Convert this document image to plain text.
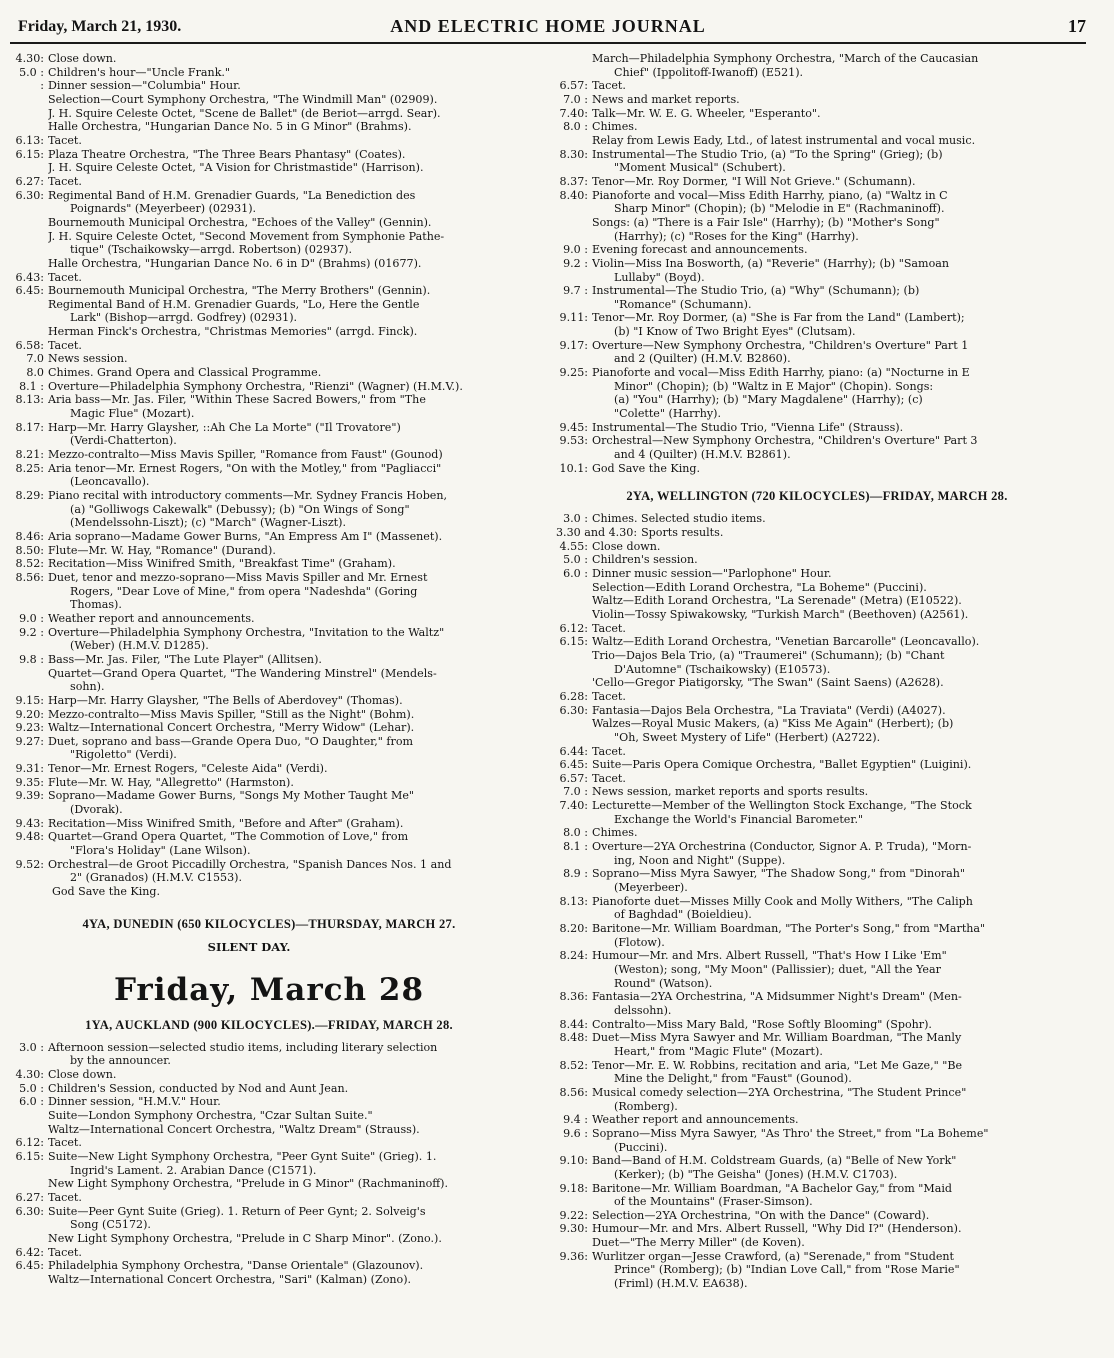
Friday, March 21, 1930.	AND ELECTRIC HOME JOURNAL	17
4.30: Close down.
5.0 : Children's hour—"Uncle Frank."
: Dinner session—"Columbia" Hour.
Selection—Court Symphony Orchestra, "The Windmill Man" (02909).
J. H. Squire Celeste Octet, "Scene de Ballet" (de Beriot—arrgd. Sear).
Halle Orchestra, "Hungarian Dance No. 5 in G Minor" (Brahms).
6.13: Tacet.
6.15: Plaza Theatre Orchestra, "The Three Bears Phantasy" (Coates).
J. H. Squire Celeste Octet, "A Vision for Christmastide" (Harrison).
6.27: Tacet.
6.30: Regimental Band of H.M. Grenadier Guards, "La Benediction des
Poignards" (Meyerbeer) (02931).
Bournemouth Municipal Orchestra, "Echoes of the Valley" (Gennin).
J. H. Squire Celeste Octet, "Second Movement from Symphonie Pathe-
tique" (Tschaikowsky—arrgd. Robertson) (02937).
Halle Orchestra, "Hungarian Dance No. 6 in D" (Brahms) (01677).
6.43: Tacet.
6.45: Bournemouth Municipal Orchestra, "The Merry Brothers" (Gennin).
Regimental Band of H.M. Grenadier Guards, "Lo, Here the Gentle
Lark" (Bishop—arrgd. Godfrey) (02931).
Herman Finck's Orchestra, "Christmas Memories" (arrgd. Finck).
6.58: Tacet.
7.0 News session.
8.0 Chimes. Grand Opera and Classical Programme.
8.1 : Overture—Philadelphia Symphony Orchestra, "Rienzi" (Wagner) (H.M.V.).
8.13: Aria bass—Mr. Jas. Filer, "Within These Sacred Bowers," from "The
Magic Flue" (Mozart).
8.17: Harp—Mr. Harry Glaysher, ::Ah Che La Morte" ("Il Trovatore")
(Verdi-Chatterton).
8.21: Mezzo-contralto—Miss Mavis Spiller, "Romance from Faust" (Gounod)
8.25: Aria tenor—Mr. Ernest Rogers, "On with the Motley," from "Pagliacci"
(Leoncavallo).
8.29: Piano recital with introductory comments—Mr. Sydney Francis Hoben,
(a) "Golliwogs Cakewalk" (Debussy); (b) "On Wings of Song"
(Mendelssohn-Liszt); (c) "March" (Wagner-Liszt).
8.46: Aria soprano—Madame Gower Burns, "An Empress Am I" (Massenet).
8.50: Flute—Mr. W. Hay, "Romance" (Durand).
8.52: Recitation—Miss Winifred Smith, "Breakfast Time" (Graham).
8.56: Duet, tenor and mezzo-soprano—Miss Mavis Spiller and Mr. Ernest
Rogers, "Dear Love of Mine," from opera "Nadeshda" (Goring
Thomas).
9.0 : Weather report and announcements.
9.2 : Overture—Philadelphia Symphony Orchestra, "Invitation to the Waltz"
(Weber) (H.M.V. D1285).
9.8 : Bass—Mr. Jas. Filer, "The Lute Player" (Allitsen).
Quartet—Grand Opera Quartet, "The Wandering Minstrel" (Mendels-
sohn).
9.15: Harp—Mr. Harry Glaysher, "The Bells of Aberdovey" (Thomas).
9.20: Mezzo-contralto—Miss Mavis Spiller, "Still as the Night" (Bohm).
9.23: Waltz—International Concert Orchestra, "Merry Widow" (Lehar).
9.27: Duet, soprano and bass—Grande Opera Duo, "O Daughter," from
"Rigoletto" (Verdi).
9.31: Tenor—Mr. Ernest Rogers, "Celeste Aida" (Verdi).
9.35: Flute—Mr. W. Hay, "Allegretto" (Harmston).
9.39: Soprano—Madame Gower Burns, "Songs My Mother Taught Me"
(Dvorak).
9.43: Recitation—Miss Winifred Smith, "Before and After" (Graham).
9.48: Quartet—Grand Opera Quartet, "The Commotion of Love," from
"Flora's Holiday" (Lane Wilson).
9.52: Orchestral—de Groot Piccadilly Orchestra, "Spanish Dances Nos. 1 and
2" (Granados) (H.M.V. C1553).
God Save the King.
4YA, DUNEDIN (650 KILOCYCLES)—THURSDAY, MARCH 27.
SILENT DAY.
Friday, March 28
1YA, AUCKLAND (900 KILOCYCLES).—FRIDAY, MARCH 28.
3.0 : Afternoon session—selected studio items, including literary selection
by the announcer.
4.30: Close down.
5.0 : Children's Session, conducted by Nod and Aunt Jean.
6.0 : Dinner session, "H.M.V." Hour.
Suite—London Symphony Orchestra, "Czar Sultan Suite."
Waltz—International Concert Orchestra, "Waltz Dream" (Strauss).
6.12: Tacet.
6.15: Suite—New Light Symphony Orchestra, "Peer Gynt Suite" (Grieg). 1.
Ingrid's Lament. 2. Arabian Dance (C1571).
New Light Symphony Orchestra, "Prelude in G Minor" (Rachmaninoff).
6.27: Tacet.
6.30: Suite—Peer Gynt Suite (Grieg). 1. Return of Peer Gynt; 2. Solveig's
Song (C5172).
New Light Symphony Orchestra, "Prelude in C Sharp Minor". (Zono.).
6.42: Tacet.
6.45: Philadelphia Symphony Orchestra, "Danse Orientale" (Glazounov).
Waltz—International Concert Orchestra, "Sari" (Kalman) (Zono).
March—Philadelphia Symphony Orchestra, "March of the Caucasian
Chief" (Ippolitoff-Iwanoff) (E521).
6.57: Tacet.
7.0 : News and market reports.
7.40: Talk—Mr. W. E. G. Wheeler, "Esperanto".
8.0 : Chimes.
Relay from Lewis Eady, Ltd., of latest instrumental and vocal music.
8.30: Instrumental—The Studio Trio, (a) "To the Spring" (Grieg); (b)
"Moment Musical" (Schubert).
8.37: Tenor—Mr. Roy Dormer, "I Will Not Grieve." (Schumann).
8.40: Pianoforte and vocal—Miss Edith Harrhy, piano, (a) "Waltz in C
Sharp Minor" (Chopin); (b) "Melodie in E" (Rachmaninoff).
Songs: (a) "There is a Fair Isle" (Harrhy); (b) "Mother's Song"
(Harrhy); (c) "Roses for the King" (Harrhy).
9.0 : Evening forecast and announcements.
9.2 : Violin—Miss Ina Bosworth, (a) "Reverie" (Harrhy); (b) "Samoan
Lullaby" (Boyd).
9.7 : Instrumental—The Studio Trio, (a) "Why" (Schumann); (b)
"Romance" (Schumann).
9.11: Tenor—Mr. Roy Dormer, (a) "She is Far from the Land" (Lambert);
(b) "I Know of Two Bright Eyes" (Clutsam).
9.17: Overture—New Symphony Orchestra, "Children's Overture" Part 1
and 2 (Quilter) (H.M.V. B2860).
9.25: Pianoforte and vocal—Miss Edith Harrhy, piano: (a) "Nocturne in E
Minor" (Chopin); (b) "Waltz in E Major" (Chopin). Songs:
(a) "You" (Harrhy); (b) "Mary Magdalene" (Harrhy); (c)
"Colette" (Harrhy).
9.45: Instrumental—The Studio Trio, "Vienna Life" (Strauss).
9.53: Orchestral—New Symphony Orchestra, "Children's Overture" Part 3
and 4 (Quilter) (H.M.V. B2861).
10.1: God Save the King.
2YA, WELLINGTON (720 KILOCYCLES)—FRIDAY, MARCH 28.
3.0 : Chimes. Selected studio items.
3.30 and 4.30: Sports results.
4.55: Close down.
5.0 : Children's session.
6.0 : Dinner music session—"Parlophone" Hour.
Selection—Edith Lorand Orchestra, "La Boheme" (Puccini).
Waltz—Edith Lorand Orchestra, "La Serenade" (Metra) (E10522).
Violin—Tossy Spiwakowsky, "Turkish March" (Beethoven) (A2561).
6.12: Tacet.
6.15: Waltz—Edith Lorand Orchestra, "Venetian Barcarolle" (Leoncavallo).
Trio—Dajos Bela Trio, (a) "Traumerei" (Schumann); (b) "Chant
D'Automne" (Tschaikowsky) (E10573).
'Cello—Gregor Piatigorsky, "The Swan" (Saint Saens) (A2628).
6.28: Tacet.
6.30: Fantasia—Dajos Bela Orchestra, "La Traviata" (Verdi) (A4027).
Walzes—Royal Music Makers, (a) "Kiss Me Again" (Herbert); (b)
"Oh, Sweet Mystery of Life" (Herbert) (A2722).
6.44: Tacet.
6.45: Suite—Paris Opera Comique Orchestra, "Ballet Egyptien" (Luigini).
6.57: Tacet.
7.0 : News session, market reports and sports results.
7.40: Lecturette—Member of the Wellington Stock Exchange, "The Stock
Exchange the World's Financial Barometer."
8.0 : Chimes.
8.1 : Overture—2YA Orchestrina (Conductor, Signor A. P. Truda), "Morn-
ing, Noon and Night" (Suppe).
8.9 : Soprano—Miss Myra Sawyer, "The Shadow Song," from "Dinorah"
(Meyerbeer).
8.13: Pianoforte duet—Misses Milly Cook and Molly Withers, "The Caliph
of Baghdad" (Boieldieu).
8.20: Baritone—Mr. William Boardman, "The Porter's Song," from "Martha"
(Flotow).
8.24: Humour—Mr. and Mrs. Albert Russell, "That's How I Like 'Em"
(Weston); song, "My Moon" (Pallissier); duet, "All the Year
Round" (Watson).
8.36: Fantasia—2YA Orchestrina, "A Midsummer Night's Dream" (Men-
delssohn).
8.44: Contralto—Miss Mary Bald, "Rose Softly Blooming" (Spohr).
8.48: Duet—Miss Myra Sawyer and Mr. William Boardman, "The Manly
Heart," from "Magic Flute" (Mozart).
8.52: Tenor—Mr. E. W. Robbins, recitation and aria, "Let Me Gaze," "Be
Mine the Delight," from "Faust" (Gounod).
8.56: Musical comedy selection—2YA Orchestrina, "The Student Prince"
(Romberg).
9.4 : Weather report and announcements.
9.6 : Soprano—Miss Myra Sawyer, "As Thro' the Street," from "La Boheme"
(Puccini).
9.10: Band—Band of H.M. Coldstream Guards, (a) "Belle of New York"
(Kerker); (b) "The Geisha" (Jones) (H.M.V. C1703).
9.18: Baritone—Mr. William Boardman, "A Bachelor Gay," from "Maid
of the Mountains" (Fraser-Simson).
9.22: Selection—2YA Orchestrina, "On with the Dance" (Coward).
9.30: Humour—Mr. and Mrs. Albert Russell, "Why Did I?" (Henderson).
Duet—"The Merry Miller" (de Koven).
9.36: Wurlitzer organ—Jesse Crawford, (a) "Serenade," from "Student
Prince" (Romberg); (b) "Indian Love Call," from "Rose Marie"
(Friml) (H.M.V. EA638).
